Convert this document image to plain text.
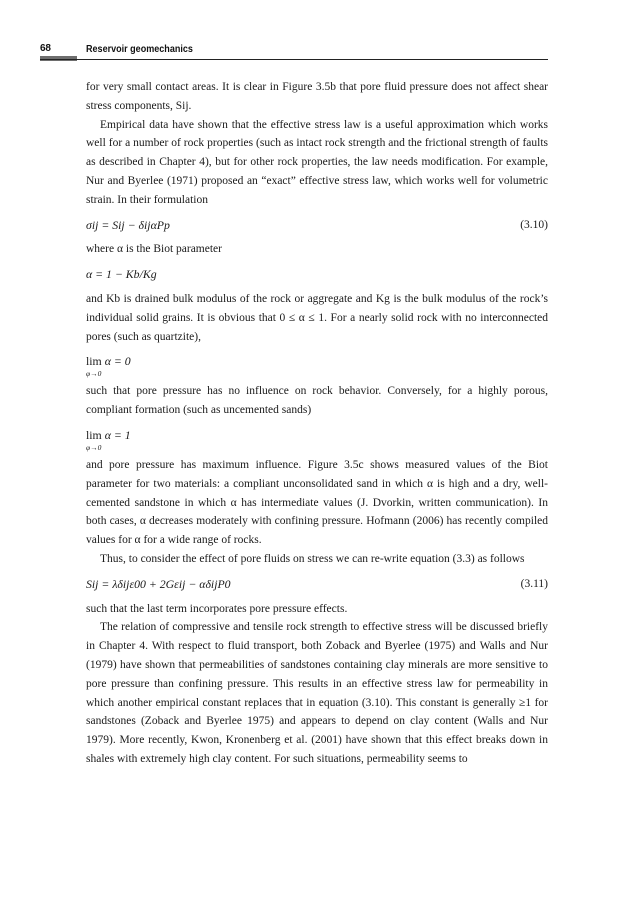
68	Reservoir geomechanics

for very small contact areas. It is clear in Figure 3.5b that pore fluid pressure does not affect shear stress components, Sij.

Empirical data have shown that the effective stress law is a useful approximation which works well for a number of rock properties (such as intact rock strength and the frictional strength of faults as described in Chapter 4), but for other rock properties, the law needs modification. For example, Nur and Byerlee (1971) proposed an “exact” effective stress law, which works well for volumetric strain. In their formulation

σij = Sij − δijαPp	(3.10)

where α is the Biot parameter

α = 1 − Kb/Kg

and Kb is drained bulk modulus of the rock or aggregate and Kg is the bulk modulus of the rock’s individual solid grains. It is obvious that 0 ≤ α ≤ 1. For a nearly solid rock with no interconnected pores (such as quartzite),

lim
φ→0
α = 0

such that pore pressure has no influence on rock behavior. Conversely, for a highly porous, compliant formation (such as uncemented sands)

lim
φ→0
α = 1

and pore pressure has maximum influence. Figure 3.5c shows measured values of the Biot parameter for two materials: a compliant unconsolidated sand in which α is high and a dry, well-cemented sandstone in which α has intermediate values (J. Dvorkin, written communication). In both cases, α decreases moderately with confining pressure. Hofmann (2006) has recently compiled values for α for a wide range of rocks.

Thus, to consider the effect of pore fluids on stress we can re-write equation (3.3) as follows

Sij = λδijε00 + 2Gεij − αδijP0	(3.11)

such that the last term incorporates pore pressure effects.

The relation of compressive and tensile rock strength to effective stress will be discussed briefly in Chapter 4. With respect to fluid transport, both Zoback and Byerlee (1975) and Walls and Nur (1979) have shown that permeabilities of sandstones containing clay minerals are more sensitive to pore pressure than confining pressure. This results in an effective stress law for permeability in which another empirical constant replaces that in equation (3.10). This constant is generally ≥1 for sandstones (Zoback and Byerlee 1975) and appears to depend on clay content (Walls and Nur 1979). More recently, Kwon, Kronenberg et al. (2001) have shown that this effect breaks down in shales with extremely high clay content. For such situations, permeability seems to
